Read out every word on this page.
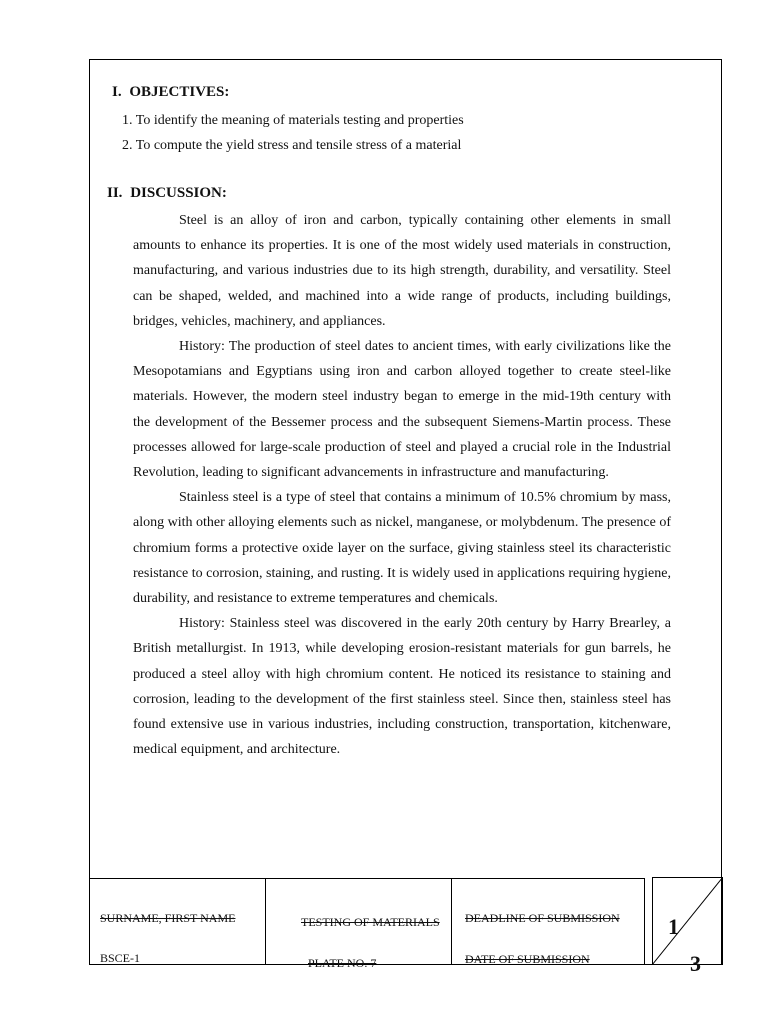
I. OBJECTIVES:
1. To identify the meaning of materials testing and properties
2. To compute the yield stress and tensile stress of a material
II. DISCUSSION:

Steel is an alloy of iron and carbon, typically containing other elements in small amounts to enhance its properties. It is one of the most widely used materials in construction, manufacturing, and various industries due to its high strength, durability, and versatility. Steel can be shaped, welded, and machined into a wide range of products, including buildings, bridges, vehicles, machinery, and appliances.

History: The production of steel dates to ancient times, with early civilizations like the Mesopotamians and Egyptians using iron and carbon alloyed together to create steel-like materials. However, the modern steel industry began to emerge in the mid-19th century with the development of the Bessemer process and the subsequent Siemens-Martin process. These processes allowed for large-scale production of steel and played a crucial role in the Industrial Revolution, leading to significant advancements in infrastructure and manufacturing.

Stainless steel is a type of steel that contains a minimum of 10.5% chromium by mass, along with other alloying elements such as nickel, manganese, or molybdenum. The presence of chromium forms a protective oxide layer on the surface, giving stainless steel its characteristic resistance to corrosion, staining, and rusting. It is widely used in applications requiring hygiene, durability, and resistance to extreme temperatures and chemicals.

History: Stainless steel was discovered in the early 20th century by Harry Brearley, a British metallurgist. In 1913, while developing erosion-resistant materials for gun barrels, he produced a steel alloy with high chromium content. He noticed its resistance to staining and corrosion, leading to the development of the first stainless steel. Since then, stainless steel has found extensive use in various industries, including construction, transportation, kitchenware, medical equipment, and architecture.

SURNAME, FIRST NAME
BSCE-1
TESTING OF MATERIALS
PLATE NO. 7
DEADLINE OF SUBMISSION
DATE OF SUBMISSION
1
3
